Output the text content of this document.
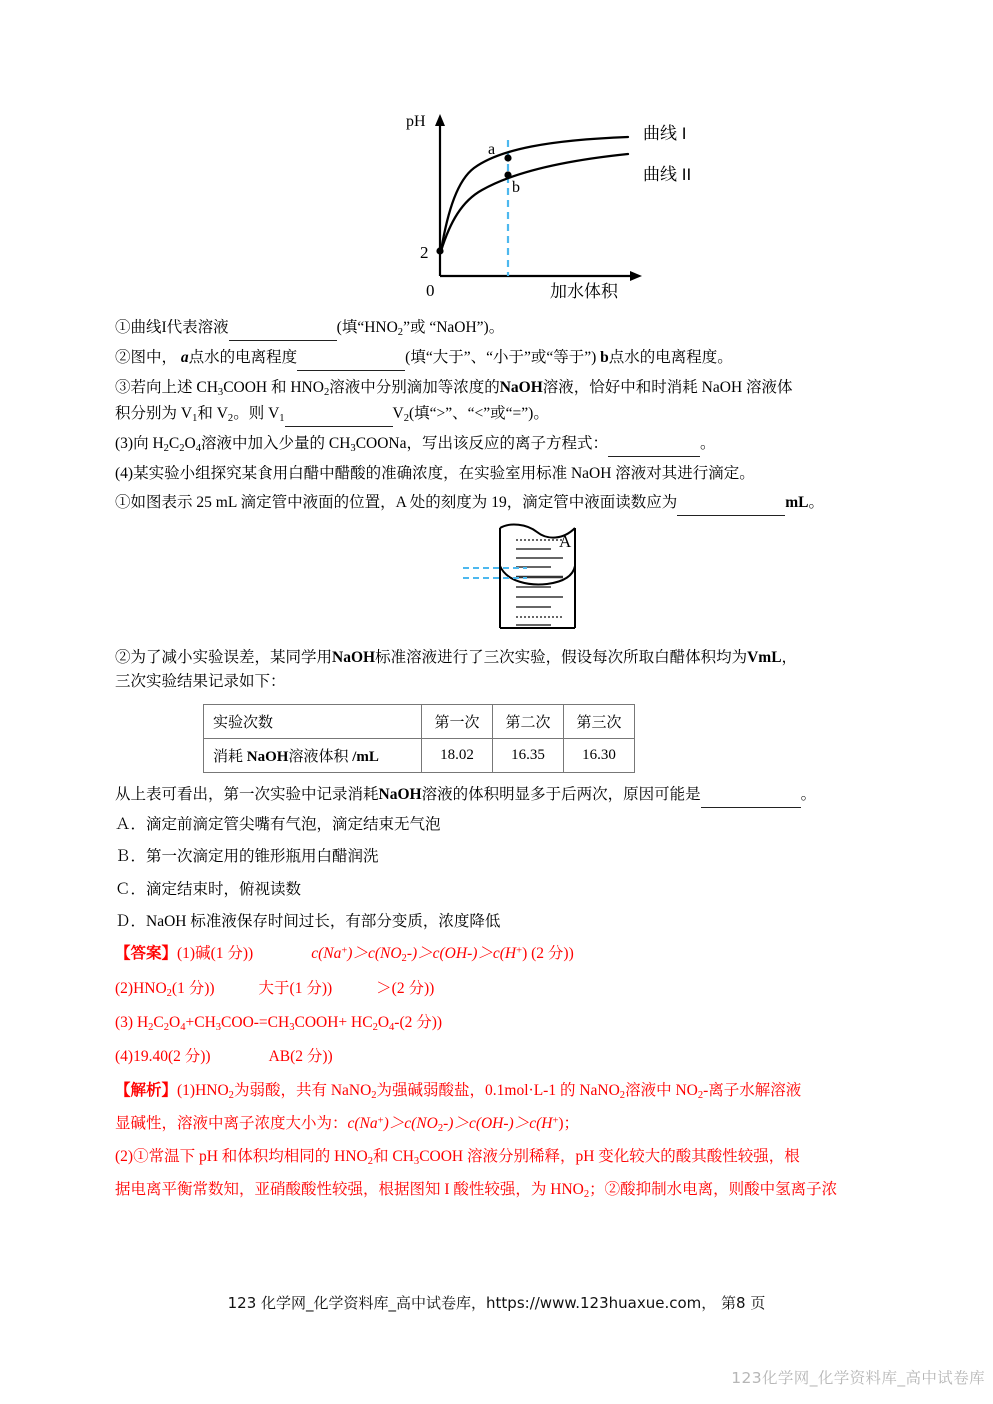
pH
2
0	加水体积
a
b
曲线 I
曲线 II

①曲线I代表溶液	(填“$HNO_2$”或 “NaOH”)。

②图中， a点水的电离程度	(填“大于”、“小于”或“等于”) b点水的电离程度。

③若向上述 $CH_3COOH$ 和 $HNO_2$溶液中分别滴加等浓度的NaOH溶液，恰好中和时消耗 NaOH 溶液体
积分别为 $V_1$和 $V_2$。则 $V_1$	$V_2$(填“>”、“<”或“=”)。

(3)向 $H_2C_2O_4$溶液中加入少量的 $CH_3COONa$，写出该反应的离子方程式：	。

(4)某实验小组探究某食用白醋中醋酸的准确浓度，在实验室用标准 NaOH 溶液对其进行滴定。

①如图表示 25 mL 滴定管中液面的位置，A 处的刻度为 19，滴定管中液面读数应为	mL。

A

②为了减小实验误差，某同学用NaOH标准溶液进行了三次实验，假设每次所取白醋体积均为VmL，
三次实验结果记录如下：

实验次数	第一次	第二次	第三次
消耗 NaOH溶液体积 /mL	18.02	16.35	16.30

从上表可看出，第一次实验中记录消耗NaOH溶液的体积明显多于后两次，原因可能是	。

Ａ．滴定前滴定管尖嘴有气泡，滴定结束无气泡

Ｂ．第一次滴定用的锥形瓶用白醋润洗

Ｃ．滴定结束时，俯视读数

Ｄ．NaOH 标准液保存时间过长，有部分变质，浓度降低

【答案】(1)碱(1 分))	$c(Na^+)>c(NO_2-)>c(OH-)>c(H^+)$ (2 分))

$(2)HNO_2(1$ 分))	大于(1 分))	＞(2 分))

(3) $H_2C_2O_4+CH_3COO-=CH_3COOH+ HC_2O_4-(2$ 分))

(4)19.40(2 分))	AB(2 分))

【解析】$(1)HNO_2$为弱酸，共有 NaNO$_2$为强碱弱酸盐，0.1mol·L-1 的 NaNO$_2$溶液中 $NO_2-$离子水解溶液

显碱性，溶液中离子浓度大小为：$c(Na^+)>c(NO_2-)>c(OH-)>c(H^+)$；

(2)①常温下 pH 和体积均相同的 $HNO_2$和 $CH_3COOH$ 溶液分别稀释，pH 变化较大的酸其酸性较强，根

据电离平衡常数知，亚硝酸酸性较强，根据图知 I 酸性较强，为 $HNO_2$；②酸抑制水电离，则酸中氢离子浓

123 化学网_化学资料库_高中试卷库，https://www.123huaxue.com， 第8 页
123化学网_化学资料库_高中试卷库
